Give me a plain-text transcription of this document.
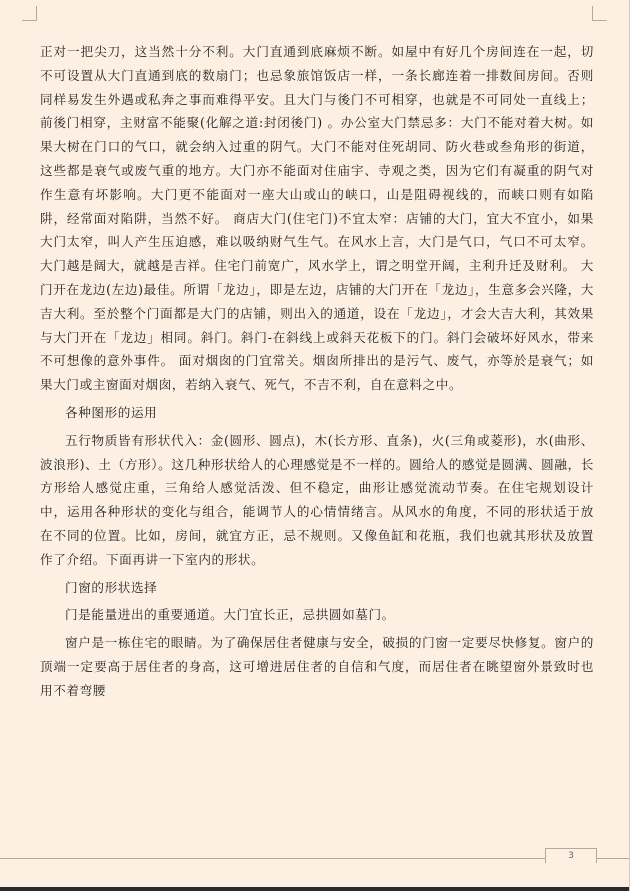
正对一把尖刀，这当然十分不利。大门直通到底麻烦不断。如屋中有好几个房间连在一起，切不可设置从大门直通到底的数扇门；也忌象旅馆饭店一样，一条长廊连着一排数间房间。否则同样易发生外遇或私奔之事而难得平安。且大门与後门不可相穿，也就是不可同处一直线上；前後门相穿，主财富不能聚(化解之道:封闭後门) 。办公室大门禁忌多：大门不能对着大树。如果大树在门口的气口，就会纳入过重的阴气。大门不能对住死胡同、防火巷或叁角形的街道，这些都是衰气或废气重的地方。大门亦不能面对住庙宇、寺观之类，因为它们有凝重的阴气对作生意有坏影响。大门更不能面对一座大山或山的峡口，山是阻碍视线的，而峡口则有如陷阱，经常面对陷阱，当然不好。 商店大门(住宅门)不宜太窄：店铺的大门，宜大不宜小，如果大门太窄，叫人产生压迫感，难以吸纳财气生气。在风水上言，大门是气口，气口不可太窄。大门越是阔大，就越是吉祥。住宅门前宽广，风水学上，谓之明堂开阔，主利升迁及财利。 大门开在龙边(左边)最佳。所谓「龙边」，即是左边，店铺的大门开在「龙边」，生意多会兴隆，大吉大利。至於整个门面都是大门的店铺，则出入的通道，设在「龙边」，才会大吉大利，其效果与大门开在「龙边」相同。斜门。斜门-在斜线上或斜天花板下的门。斜门会破坏好风水，带来不可想像的意外事件。 面对烟囱的门宜常关。烟囱所排出的是污气、废气，亦等於是衰气；如果大门或主窗面对烟囱，若纳入衰气、死气，不吉不利，自在意料之中。

各种图形的运用

五行物质皆有形状代入：金(圆形、圆点)，木(长方形、直条)，火(三角或菱形)，水(曲形、波浪形)、土（方形）。这几种形状给人的心理感觉是不一样的。圆给人的感觉是圆满、圆融，长方形给人感觉庄重，三角给人感觉活泼、但不稳定，曲形让感觉流动节奏。在住宅规划设计中，运用各种形状的变化与组合，能调节人的心情情绪言。从风水的角度，不同的形状适于放在不同的位置。比如，房间，就宜方正，忌不规则。又像鱼缸和花瓶，我们也就其形状及放置作了介绍。下面再讲一下室内的形状。

门窗的形状选择

门是能量进出的重要通道。大门宜长正，忌拱圆如墓门。

窗户是一栋住宅的眼睛。为了确保居住者健康与安全，破损的门窗一定要尽快修复。窗户的顶端一定要高于居住者的身高，这可增进居住者的自信和气度，而居住者在眺望窗外景致时也用不着弯腰

3
